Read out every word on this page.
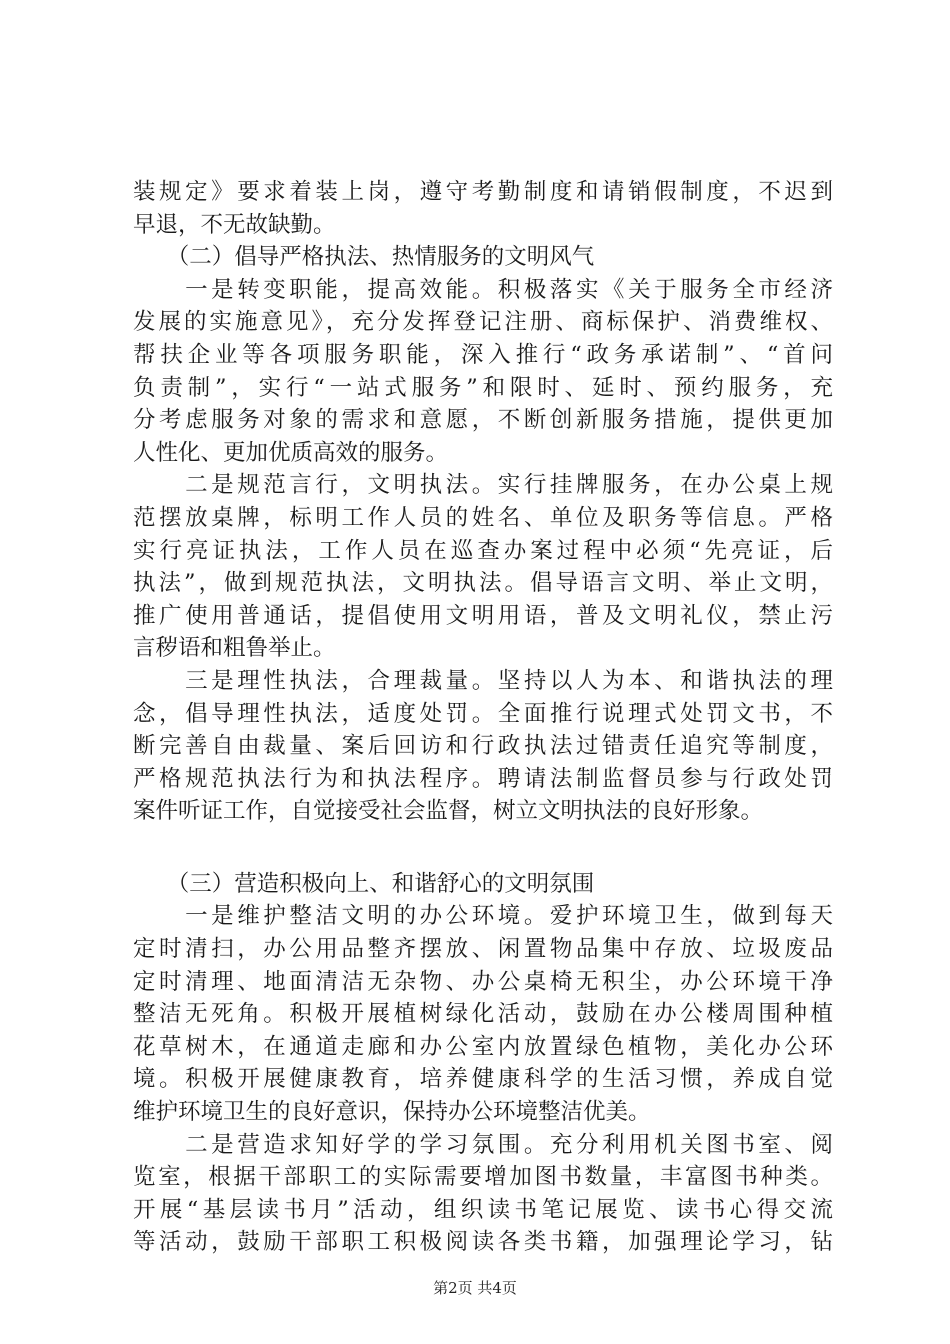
装规定》要求着装上岗，遵守考勤制度和请销假制度，不迟到
早退，不无故缺勤。
　　（二）倡导严格执法、热情服务的文明风气
　　一是转变职能，提高效能。积极落实《关于服务全市经济
发展的实施意见》，充分发挥登记注册、商标保护、消费维权、
帮扶企业等各项服务职能，深入推行“政务承诺制”、“首问
负责制”，实行“一站式服务”和限时、延时、预约服务，充
分考虑服务对象的需求和意愿，不断创新服务措施，提供更加
人性化、更加优质高效的服务。
　　二是规范言行，文明执法。实行挂牌服务，在办公桌上规
范摆放桌牌，标明工作人员的姓名、单位及职务等信息。严格
实行亮证执法，工作人员在巡查办案过程中必须“先亮证，后
执法”，做到规范执法，文明执法。倡导语言文明、举止文明，
推广使用普通话，提倡使用文明用语，普及文明礼仪，禁止污
言秽语和粗鲁举止。
　　三是理性执法，合理裁量。坚持以人为本、和谐执法的理
念，倡导理性执法，适度处罚。全面推行说理式处罚文书，不
断完善自由裁量、案后回访和行政执法过错责任追究等制度，
严格规范执法行为和执法程序。聘请法制监督员参与行政处罚
案件听证工作，自觉接受社会监督，树立文明执法的良好形象。
　　（三）营造积极向上、和谐舒心的文明氛围
　　一是维护整洁文明的办公环境。爱护环境卫生，做到每天
定时清扫，办公用品整齐摆放、闲置物品集中存放、垃圾废品
定时清理、地面清洁无杂物、办公桌椅无积尘，办公环境干净
整洁无死角。积极开展植树绿化活动，鼓励在办公楼周围种植
花草树木，在通道走廊和办公室内放置绿色植物，美化办公环
境。积极开展健康教育，培养健康科学的生活习惯，养成自觉
维护环境卫生的良好意识，保持办公环境整洁优美。
　　二是营造求知好学的学习氛围。充分利用机关图书室、阅
览室，根据干部职工的实际需要增加图书数量，丰富图书种类。
开展“基层读书月”活动，组织读书笔记展览、读书心得交流
等活动，鼓励干部职工积极阅读各类书籍，加强理论学习，钻
第2页 共4页
